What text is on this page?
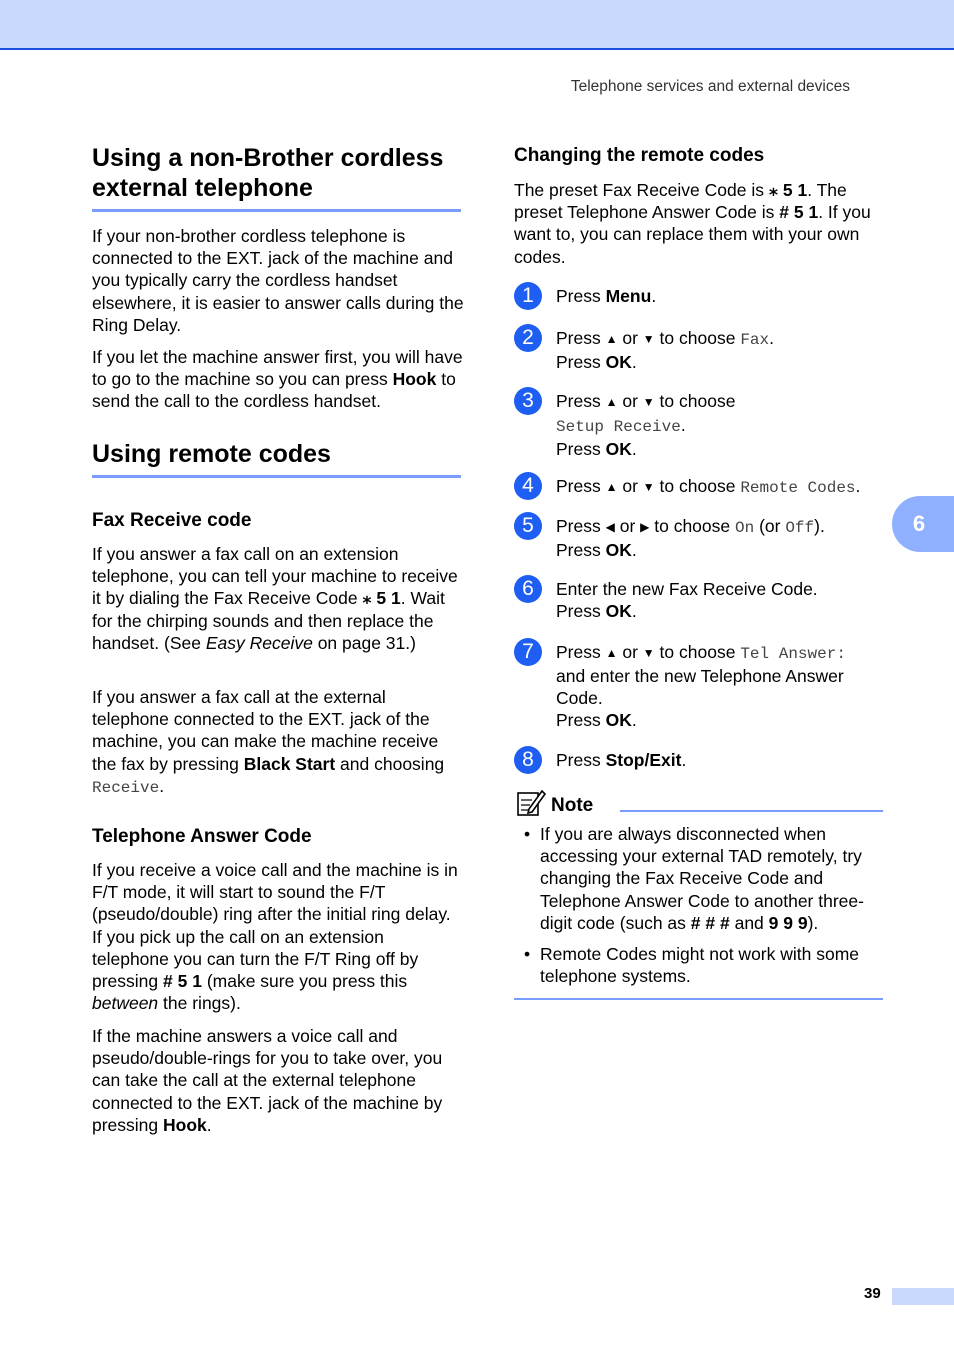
Telephone services and external devices
6
Using a non-Brother cordless external telephone
If your non-brother cordless telephone is connected to the EXT. jack of the machine and you typically carry the cordless handset elsewhere, it is easier to answer calls during the Ring Delay.
If you let the machine answer first, you will have to go to the machine so you can press Hook to send the call to the cordless handset.
Using remote codes
Fax Receive code
If you answer a fax call on an extension telephone, you can tell your machine to receive it by dialing the Fax Receive Code ⁎ 5 1. Wait for the chirping sounds and then replace the handset. (See Easy Receive on page 31.)
If you answer a fax call at the external telephone connected to the EXT. jack of the machine, you can make the machine receive the fax by pressing Black Start and choosing Receive.
Telephone Answer Code
If you receive a voice call and the machine is in F/T mode, it will start to sound the F/T (pseudo/double) ring after the initial ring delay. If you pick up the call on an extension telephone you can turn the F/T Ring off by pressing # 5 1 (make sure you press this between the rings).
If the machine answers a voice call and pseudo/double-rings for you to take over, you can take the call at the external telephone connected to the EXT. jack of the machine by pressing Hook.
Changing the remote codes
The preset Fax Receive Code is ⁎ 5 1. The preset Telephone Answer Code is # 5 1. If you want to, you can replace them with your own codes.
1	Press Menu.
2	Press ▲ or ▼ to choose Fax.
Press OK.
3	Press ▲ or ▼ to choose
Setup Receive.
Press OK.
4	Press ▲ or ▼ to choose Remote Codes.
5	Press ◀ or ▶ to choose On (or Off).
Press OK.
6	Enter the new Fax Receive Code.
Press OK.
7	Press ▲ or ▼ to choose Tel Answer:
and enter the new Telephone Answer Code.
Press OK.
8	Press Stop/Exit.
Note
• If you are always disconnected when accessing your external TAD remotely, try changing the Fax Receive Code and Telephone Answer Code to another three-digit code (such as # # # and 9 9 9).
• Remote Codes might not work with some telephone systems.
39
